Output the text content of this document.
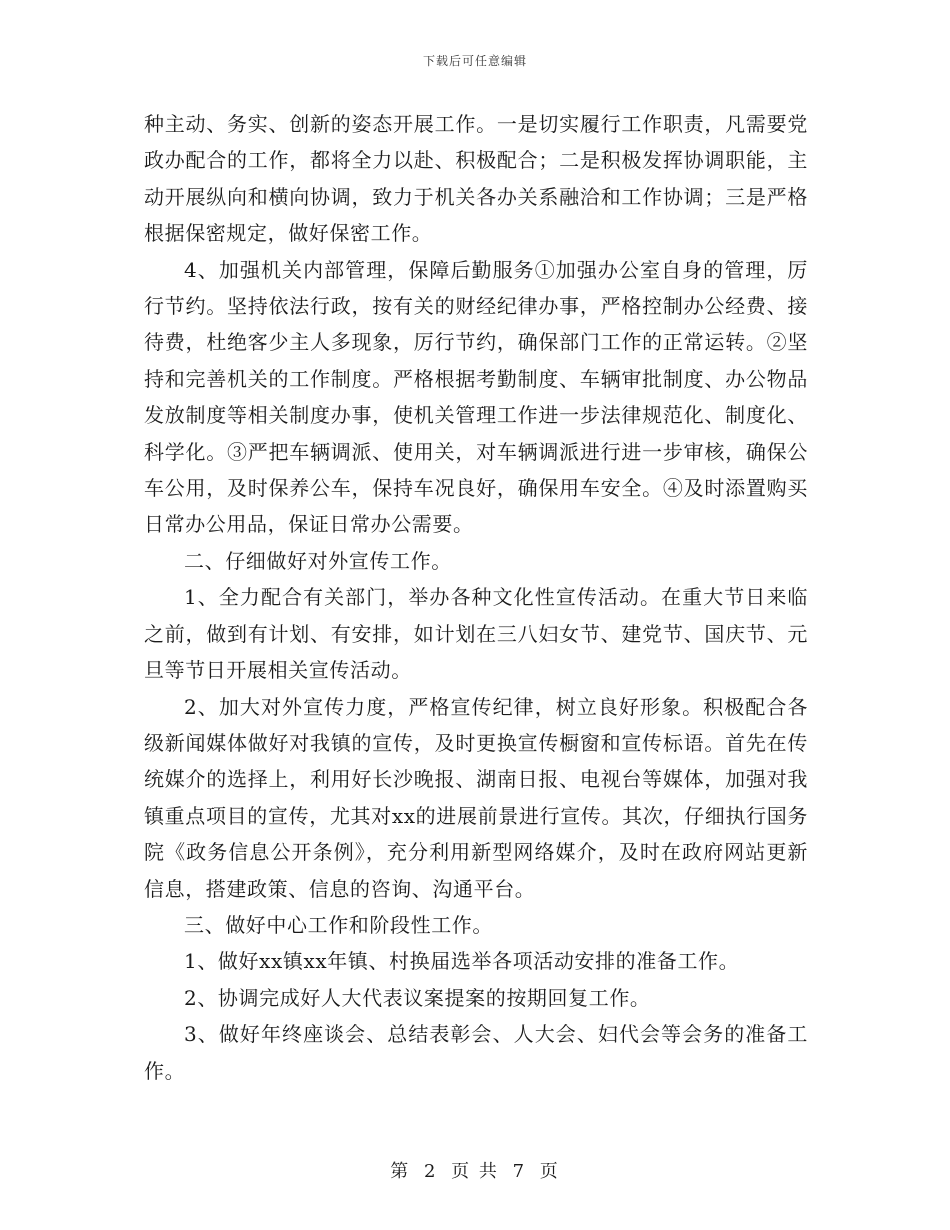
下载后可任意编辑

种主动、务实、创新的姿态开展工作。一是切实履行工作职责，凡需要党政办配合的工作，都将全力以赴、积极配合；二是积极发挥协调职能，主动开展纵向和横向协调，致力于机关各办关系融洽和工作协调；三是严格根据保密规定，做好保密工作。

4、加强机关内部管理，保障后勤服务①加强办公室自身的管理，厉行节约。坚持依法行政，按有关的财经纪律办事，严格控制办公经费、接待费，杜绝客少主人多现象，厉行节约，确保部门工作的正常运转。②坚持和完善机关的工作制度。严格根据考勤制度、车辆审批制度、办公物品发放制度等相关制度办事，使机关管理工作进一步法律规范化、制度化、科学化。③严把车辆调派、使用关，对车辆调派进行进一步审核，确保公车公用，及时保养公车，保持车况良好，确保用车安全。④及时添置购买日常办公用品，保证日常办公需要。

二、仔细做好对外宣传工作。

1、全力配合有关部门，举办各种文化性宣传活动。在重大节日来临之前，做到有计划、有安排，如计划在三八妇女节、建党节、国庆节、元旦等节日开展相关宣传活动。

2、加大对外宣传力度，严格宣传纪律，树立良好形象。积极配合各级新闻媒体做好对我镇的宣传，及时更换宣传橱窗和宣传标语。首先在传统媒介的选择上，利用好长沙晚报、湖南日报、电视台等媒体，加强对我镇重点项目的宣传，尤其对xx的进展前景进行宣传。其次，仔细执行国务院《政务信息公开条例》，充分利用新型网络媒介，及时在政府网站更新信息，搭建政策、信息的咨询、沟通平台。

三、做好中心工作和阶段性工作。

1、做好xx镇xx年镇、村换届选举各项活动安排的准备工作。

2、协调完成好人大代表议案提案的按期回复工作。

3、做好年终座谈会、总结表彰会、人大会、妇代会等会务的准备工作。

第 2 页 共 7 页
